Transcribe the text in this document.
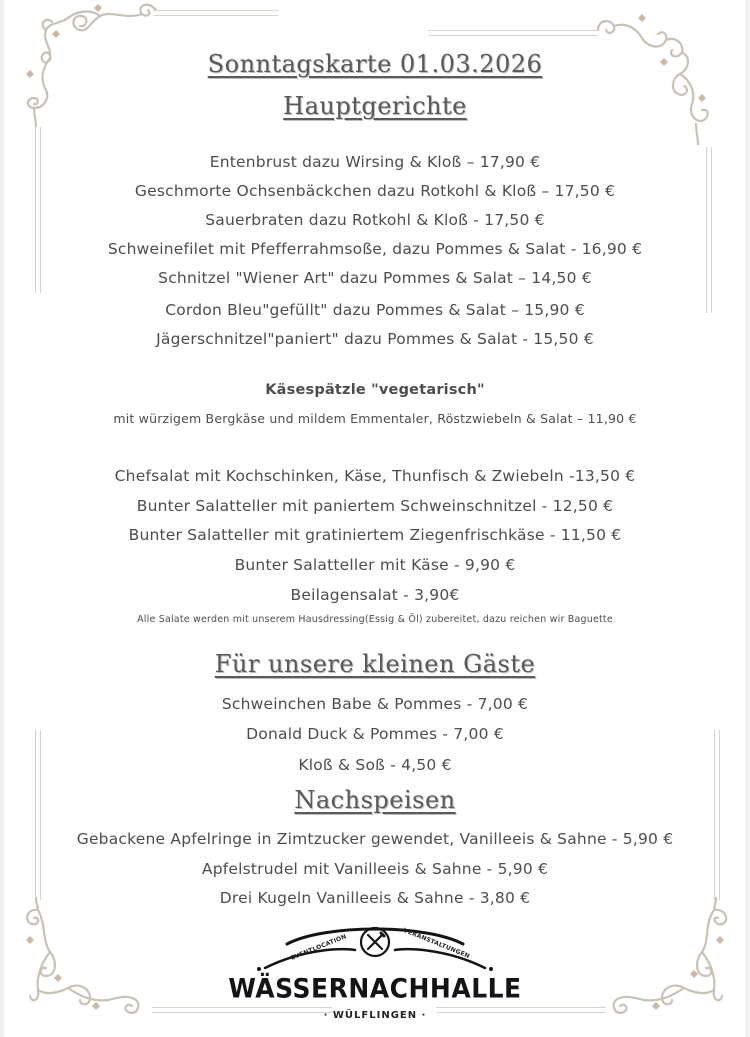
Sonntagskarte 01.03.2026
Hauptgerichte
Entenbrust dazu Wirsing & Kloß – 17,90 €
Geschmorte Ochsenbäckchen dazu Rotkohl & Kloß – 17,50 €
Sauerbraten dazu Rotkohl & Kloß - 17,50 €
Schweinefilet mit Pfefferrahmsoße, dazu Pommes & Salat - 16,90 €
Schnitzel "Wiener Art" dazu Pommes & Salat – 14,50 €
Cordon Bleu"gefüllt" dazu Pommes & Salat – 15,90 €
Jägerschnitzel"paniert" dazu Pommes & Salat - 15,50 €
Käsespätzle "vegetarisch"
mit würzigem Bergkäse und mildem Emmentaler, Röstzwiebeln & Salat – 11,90 €
Chefsalat mit Kochschinken, Käse, Thunfisch & Zwiebeln -13,50 €
Bunter Salatteller mit paniertem Schweinschnitzel - 12,50 €
Bunter Salatteller mit gratiniertem Ziegenfrischkäse - 11,50 €
Bunter Salatteller mit Käse - 9,90 €
Beilagensalat - 3,90€
Alle Salate werden mit unserem Hausdressing(Essig & Öl) zubereitet, dazu reichen wir Baguette
Für unsere kleinen Gäste
Schweinchen Babe & Pommes - 7,00 €
Donald Duck & Pommes - 7,00 €
Kloß & Soß - 4,50 €
Nachspeisen
Gebackene Apfelringe in Zimtzucker gewendet, Vanilleeis & Sahne - 5,90 €
Apfelstrudel mit Vanilleeis & Sahne - 5,90 €
Drei Kugeln Vanilleeis & Sahne - 3,80 €
EVENTLOCATION	VERANSTALTUNGEN
WÄSSERNACHHALLE
· WÜLFLINGEN ·
